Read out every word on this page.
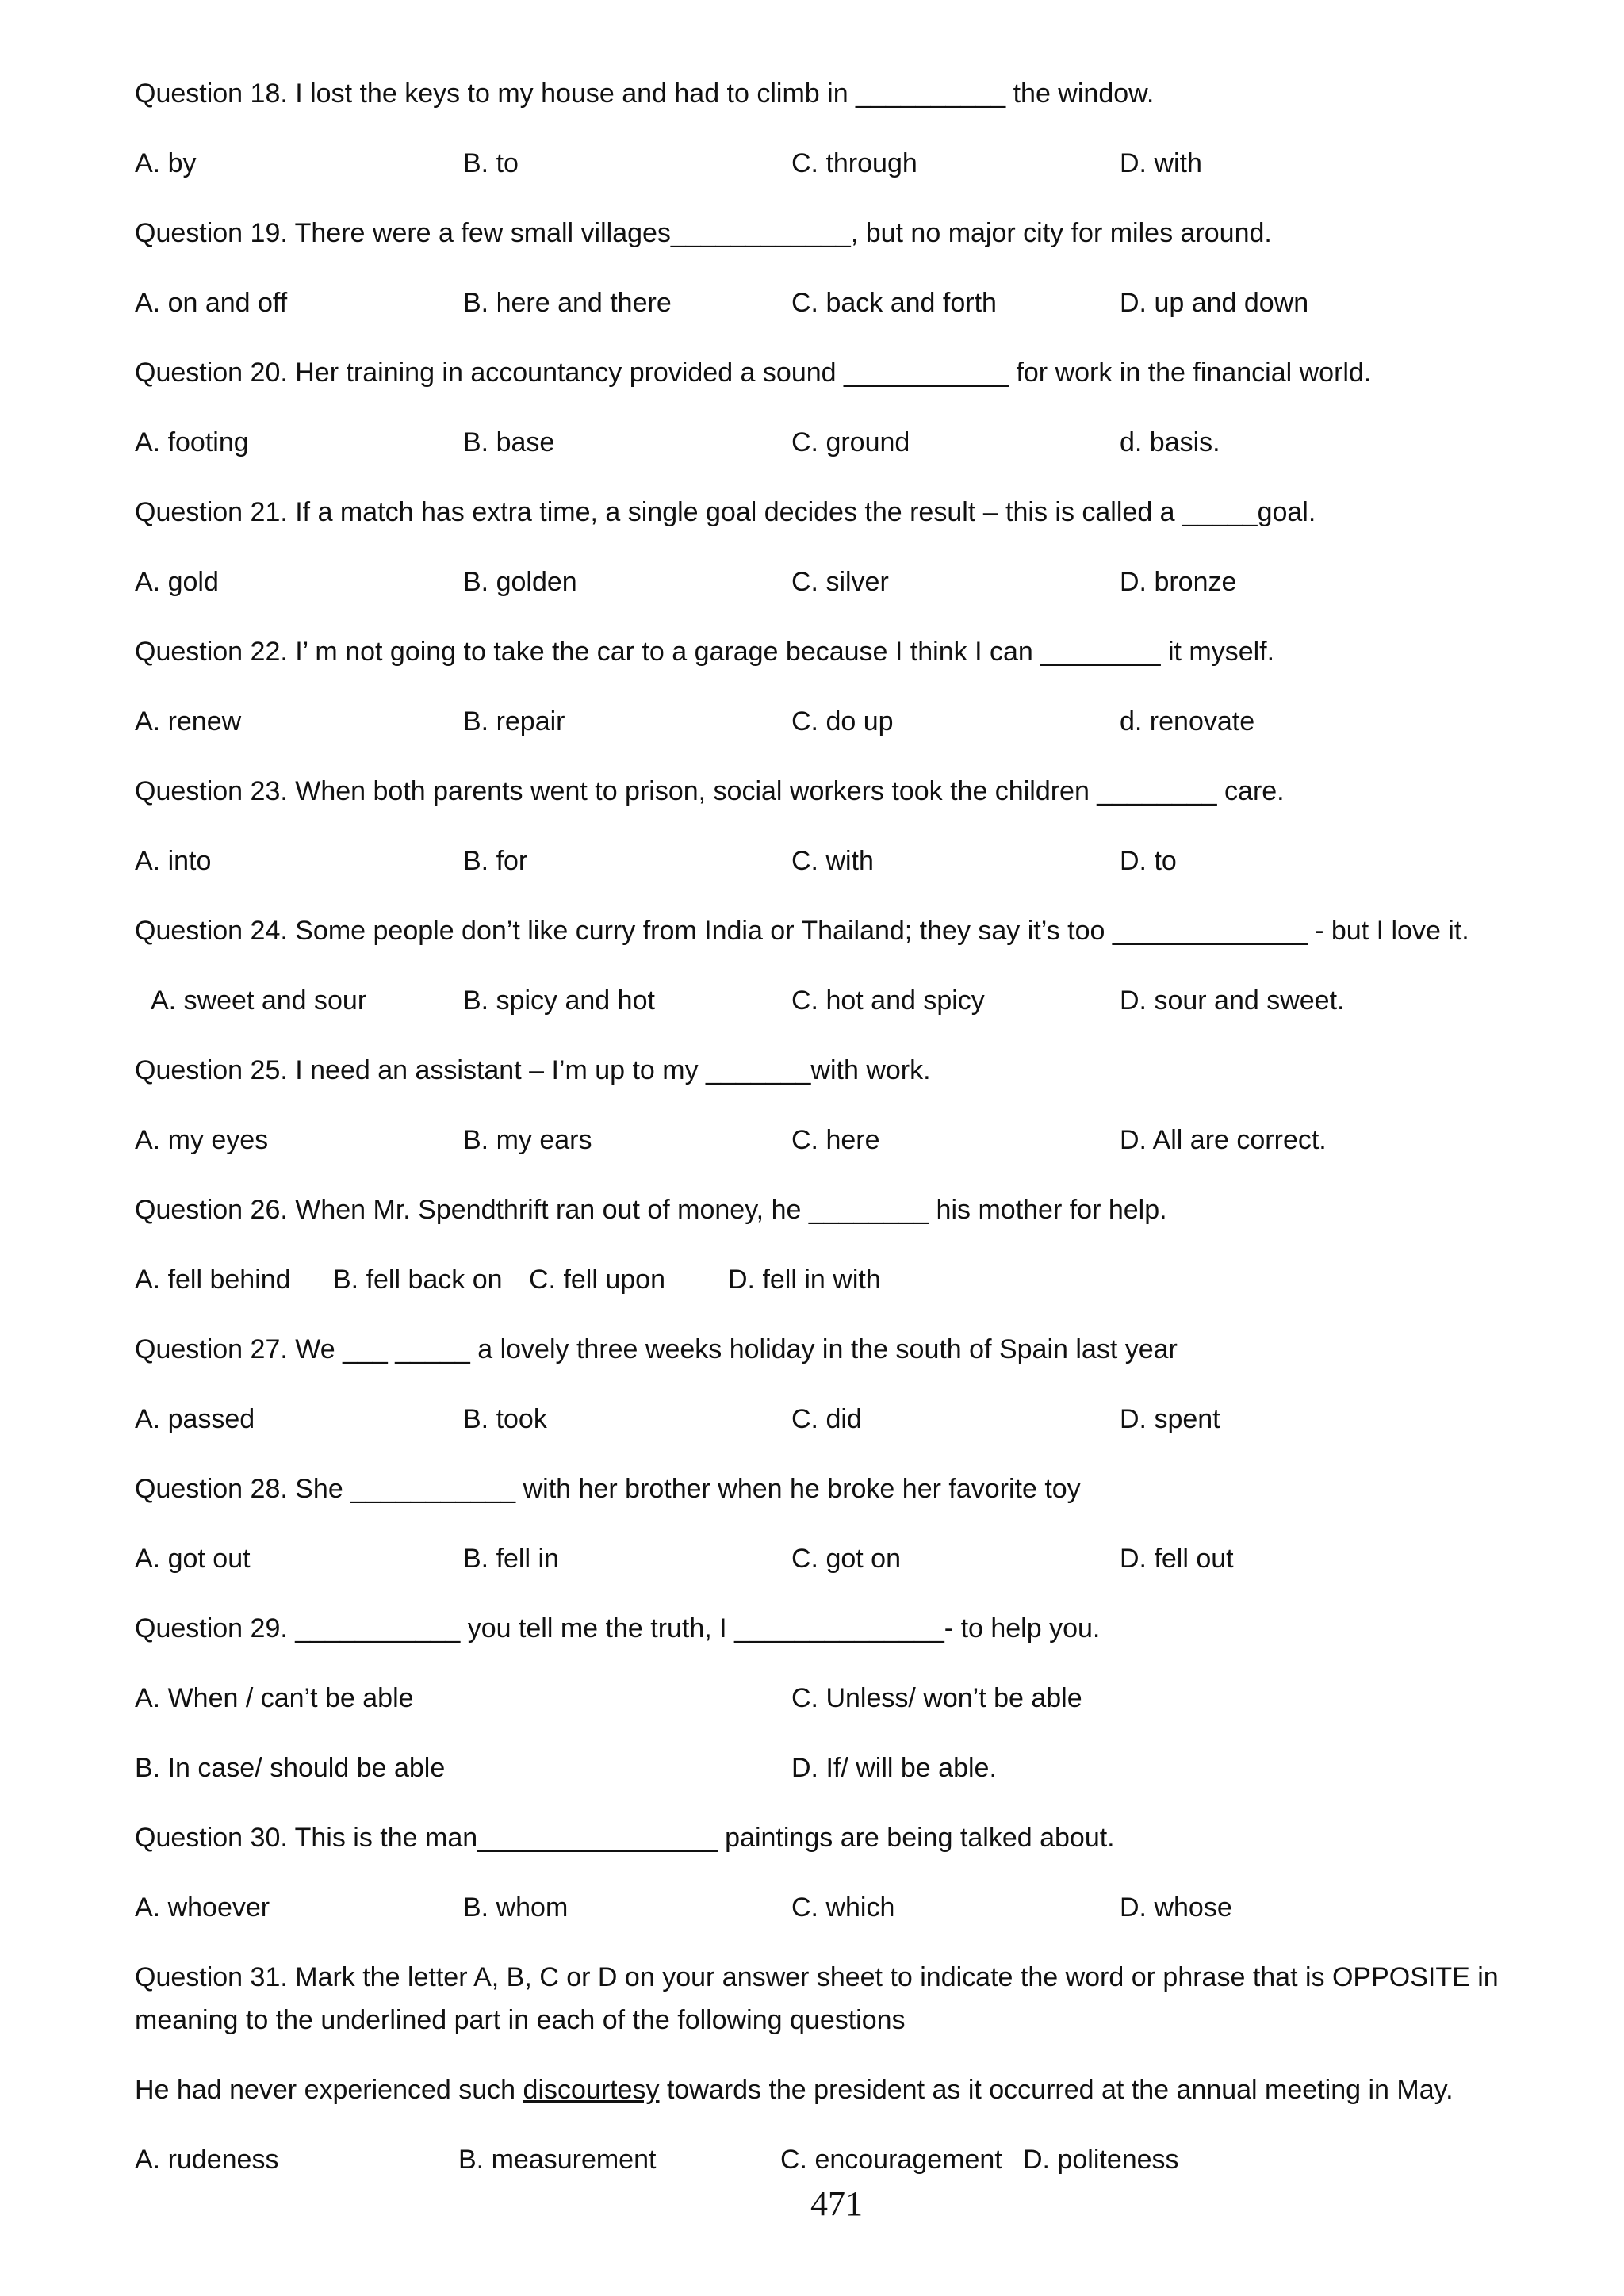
Question 18. I lost the keys to my house and had to climb in __________ the window.
A. by	B. to	C. through	D. with
Question 19. There were a few small villages____________, but no major city for miles around.
A. on and off	B. here and there	C. back and forth	D. up and down
Question 20. Her training in accountancy provided a sound ___________ for work in the financial world.
A. footing	B. base	C. ground	d. basis.
Question 21. If a match has extra time, a single goal decides the result – this is called a _____goal.
A. gold	B. golden	C. silver	D. bronze
Question 22. I’ m not going to take the car to a garage because I think I can ________ it myself.
A. renew	B. repair	C. do up	d. renovate
Question 23. When both parents went to prison, social workers took the children ________ care.
A. into	B. for	C. with	D. to
Question 24. Some people don’t like curry from India or Thailand; they say it’s too _____________ - but I love it.
A. sweet and sour	B. spicy and hot	C. hot and spicy	D. sour and sweet.
Question 25. I need an assistant – I’m up to my _______with work.
A. my eyes	B. my ears	C. here	D. All are correct.
Question 26. When Mr. Spendthrift ran out of money, he ________ his mother for help.
A. fell behind B. fell back on C. fell upon D. fell in with
Question 27. We ___ _____ a lovely three weeks holiday in the south of Spain last year
A. passed	B. took	C. did	D. spent
Question 28. She ___________ with her brother when he broke her favorite toy
A. got out	B. fell in	C. got on	D. fell out
Question 29. ___________ you tell me the truth, I ______________- to help you.
A. When / can’t be able	C. Unless/ won’t be able
B. In case/ should be able	D. If/ will be able.
Question 30. This is the man________________ paintings are being talked about.
A. whoever	B. whom	C. which	D. whose
Question 31. Mark the letter A, B, C or D on your answer sheet to indicate the word or phrase that is OPPOSITE in meaning to the underlined part in each of the following questions
He had never experienced such discourtesy towards the president as it occurred at the annual meeting in May.
A. rudeness	B. measurement	C. encouragement D. politeness
471
